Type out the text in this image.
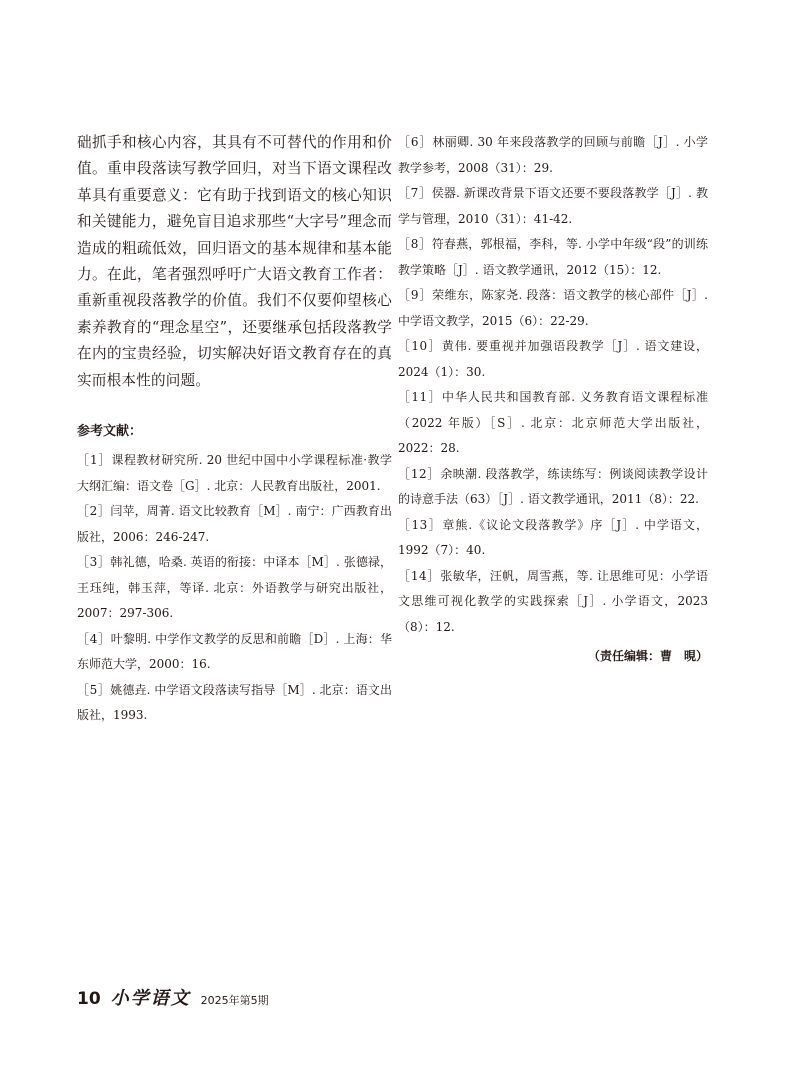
础抓手和核心内容，其具有不可替代的作用和价值。重申段落读写教学回归，对当下语文课程改革具有重要意义：它有助于找到语文的核心知识和关键能力，避免盲目追求那些“大字号”理念而造成的粗疏低效，回归语文的基本规律和基本能力。在此，笔者强烈呼吁广大语文教育工作者：重新重视段落教学的价值。我们不仅要仰望核心素养教育的“理念星空”，还要继承包括段落教学在内的宝贵经验，切实解决好语文教育存在的真实而根本性的问题。

参考文献：
［1］课程教材研究所. 20 世纪中国中小学课程标准·教学大纲汇编：语文卷［G］. 北京：人民教育出版社，2001.
［2］闫苹，周菁. 语文比较教育［M］. 南宁：广西教育出版社，2006：246-247.
［3］韩礼德，哈桑. 英语的衔接：中译本［M］. 张德禄，王珏纯，韩玉萍，等译. 北京：外语教学与研究出版社，2007：297-306.
［4］叶黎明. 中学作文教学的反思和前瞻［D］. 上海：华东师范大学，2000：16.
［5］姚德垚. 中学语文段落读写指导［M］. 北京：语文出版社，1993.
［6］林丽卿. 30 年来段落教学的回顾与前瞻［J］. 小学教学参考，2008（31）：29.
［7］侯器. 新课改背景下语文还要不要段落教学［J］. 教学与管理，2010（31）：41-42.
［8］符春燕，郭根福，李科，等. 小学中年级“段”的训练教学策略［J］. 语文教学通讯，2012（15）：12.
［9］荣维东，陈家尧. 段落：语文教学的核心部件［J］. 中学语文教学，2015（6）：22-29.
［10］黄伟. 要重视并加强语段教学［J］. 语文建设，2024（1）：30.
［11］中华人民共和国教育部. 义务教育语文课程标准（2022 年版）［S］. 北京：北京师范大学出版社，2022：28.
［12］余映潮. 段落教学，练读练写：例谈阅读教学设计的诗意手法（63）［J］. 语文教学通讯，2011（8）：22.
［13］章熊.《议论文段落教学》序［J］. 中学语文，1992（7）：40.
［14］张敏华，汪帆，周雪燕，等. 让思维可见：小学语文思维可视化教学的实践探索［J］. 小学语文，2023（8）：12.
（责任编辑：曹　晛）
10 小学语文 2025年第5期
